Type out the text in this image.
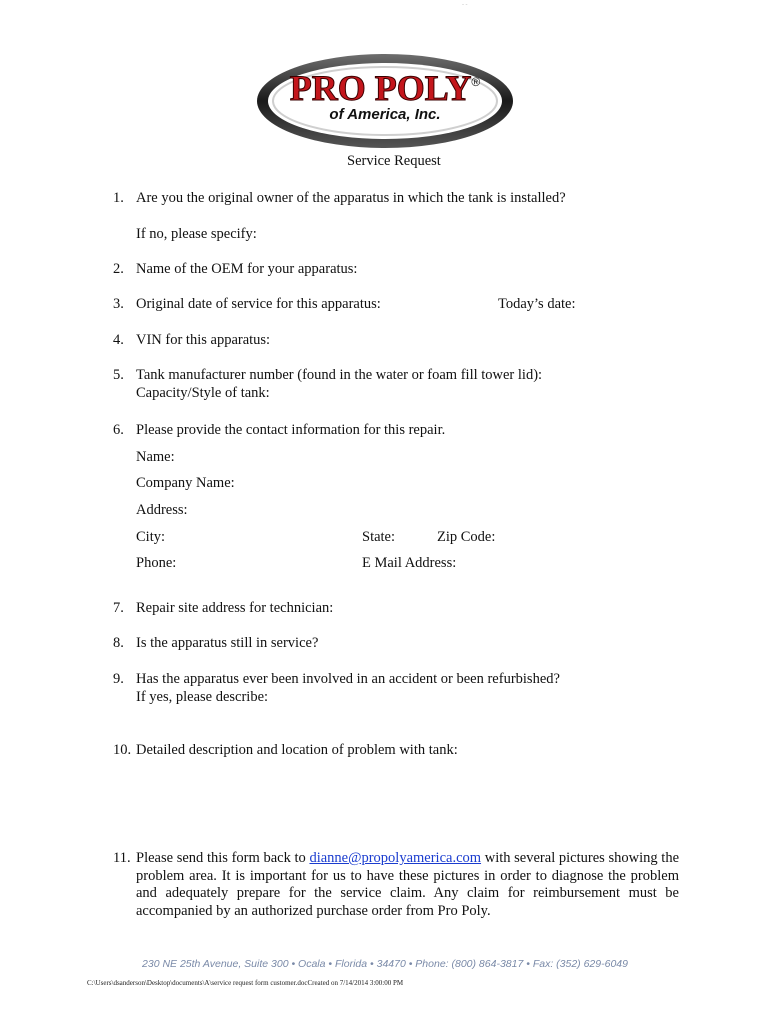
- -
PRO POLY®
of America, Inc.
Service Request
1. Are you the original owner of the apparatus in which the tank is installed?
If no, please specify:
2. Name of the OEM for your apparatus:
3. Original date of service for this apparatus:	Today’s date:
4. VIN for this apparatus:
5. Tank manufacturer number (found in the water or foam fill tower lid):
Capacity/Style of tank:
6. Please provide the contact information for this repair.
Name:
Company Name:
Address:
City:	State:	Zip Code:
Phone:	E Mail Address:
7. Repair site address for technician:
8. Is the apparatus still in service?
9. Has the apparatus ever been involved in an accident or been refurbished?
If yes, please describe:
10. Detailed description and location of problem with tank:
11. Please send this form back to dianne@propolyamerica.com with several pictures showing the problem area. It is important for us to have these pictures in order to diagnose the problem and adequately prepare for the service claim. Any claim for reimbursement must be accompanied by an authorized purchase order from Pro Poly.
230 NE 25th Avenue, Suite 300 • Ocala • Florida • 34470 • Phone: (800) 864-3817 • Fax: (352) 629-6049
C:\Users\dsanderson\Desktop\documents\A\service request form customer.docCreated on 7/14/2014 3:00:00 PM
